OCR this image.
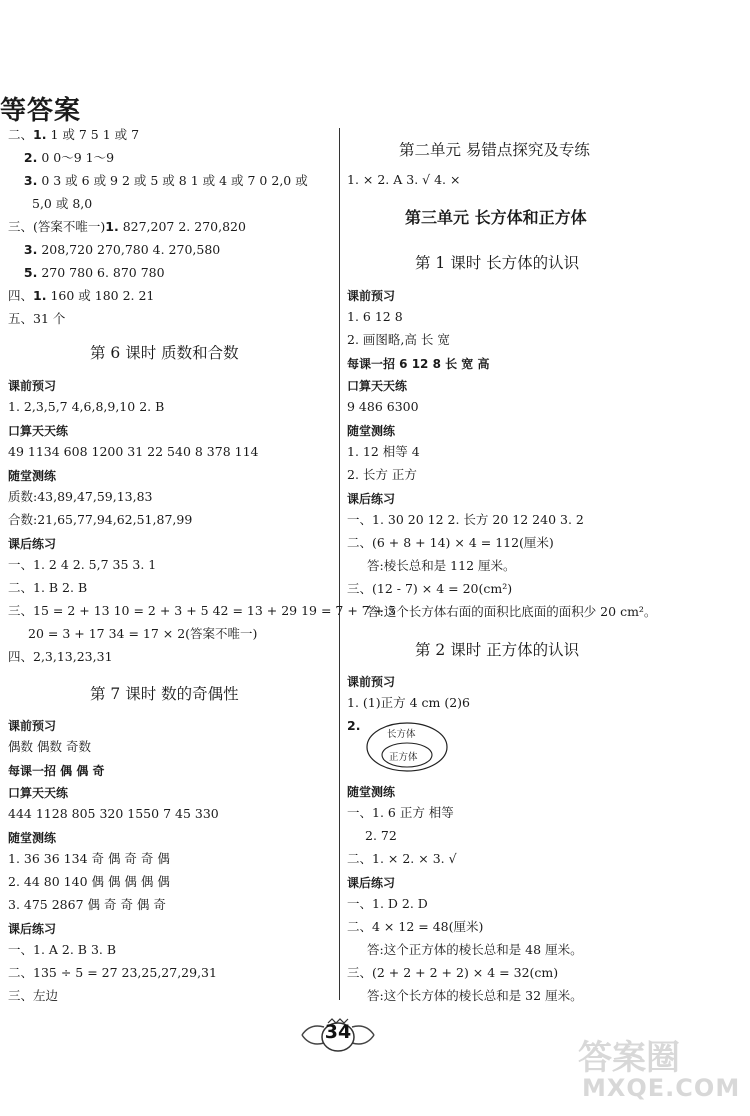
等答案
二、1. 1 或 7 5 1 或 7
2. 0 0～9 1～9
3. 0 3 或 6 或 9 2 或 5 或 8 1 或 4 或 7 0 2,0 或
5,0 或 8,0
三、(答案不唯一)1. 827,207 2. 270,820
3. 208,720 270,780 4. 270,580
5. 270 780 6. 870 780
四、1. 160 或 180 2. 21
五、31 个
第 6 课时 质数和合数
课前预习
1. 2,3,5,7 4,6,8,9,10 2. B
口算天天练
49 1134 608 1200 31 22 540 8 378 114
随堂测练
质数:43,89,47,59,13,83
合数:21,65,77,94,62,51,87,99
课后练习
一、1. 2 4 2. 5,7 35 3. 1
二、1. B 2. B
三、15 = 2 + 13 10 = 2 + 3 + 5 42 = 13 + 29 19 = 7 + 7 + 5
20 = 3 + 17 34 = 17 × 2(答案不唯一)
四、2,3,13,23,31
第 7 课时 数的奇偶性
课前预习
偶数 偶数 奇数
每课一招 偶 偶 奇
口算天天练
444 1128 805 320 1550 7 45 330
随堂测练
1. 36 36 134 奇 偶 奇 奇 偶
2. 44 80 140 偶 偶 偶 偶 偶
3. 475 2867 偶 奇 奇 偶 奇
课后练习
一、1. A 2. B 3. B
二、135 ÷ 5 = 27 23,25,27,29,31
三、左边
第二单元 易错点探究及专练
1. × 2. A 3. √ 4. ×
第三单元 长方体和正方体
第 1 课时 长方体的认识
课前预习
1. 6 12 8
2. 画图略,高 长 宽
每课一招 6 12 8 长 宽 高
口算天天练
9 486 6300
随堂测练
1. 12 相等 4
2. 长方 正方
课后练习
一、1. 30 20 12 2. 长方 20 12 240 3. 2
二、(6 + 8 + 14) × 4 = 112(厘米)
答:棱长总和是 112 厘米。
三、(12 - 7) × 4 = 20(cm²)
答:这个长方体右面的面积比底面的面积少 20 cm²。
第 2 课时 正方体的认识
课前预习
1. (1)正方 4 cm (2)6
2.
长方体
正方体
随堂测练
一、1. 6 正方 相等
2. 72
二、1. × 2. × 3. √
课后练习
一、1. D 2. D
二、4 × 12 = 48(厘米)
答:这个正方体的棱长总和是 48 厘米。
三、(2 + 2 + 2 + 2) × 4 = 32(cm)
答:这个长方体的棱长总和是 32 厘米。
34
答案圈
MXQE.COM
